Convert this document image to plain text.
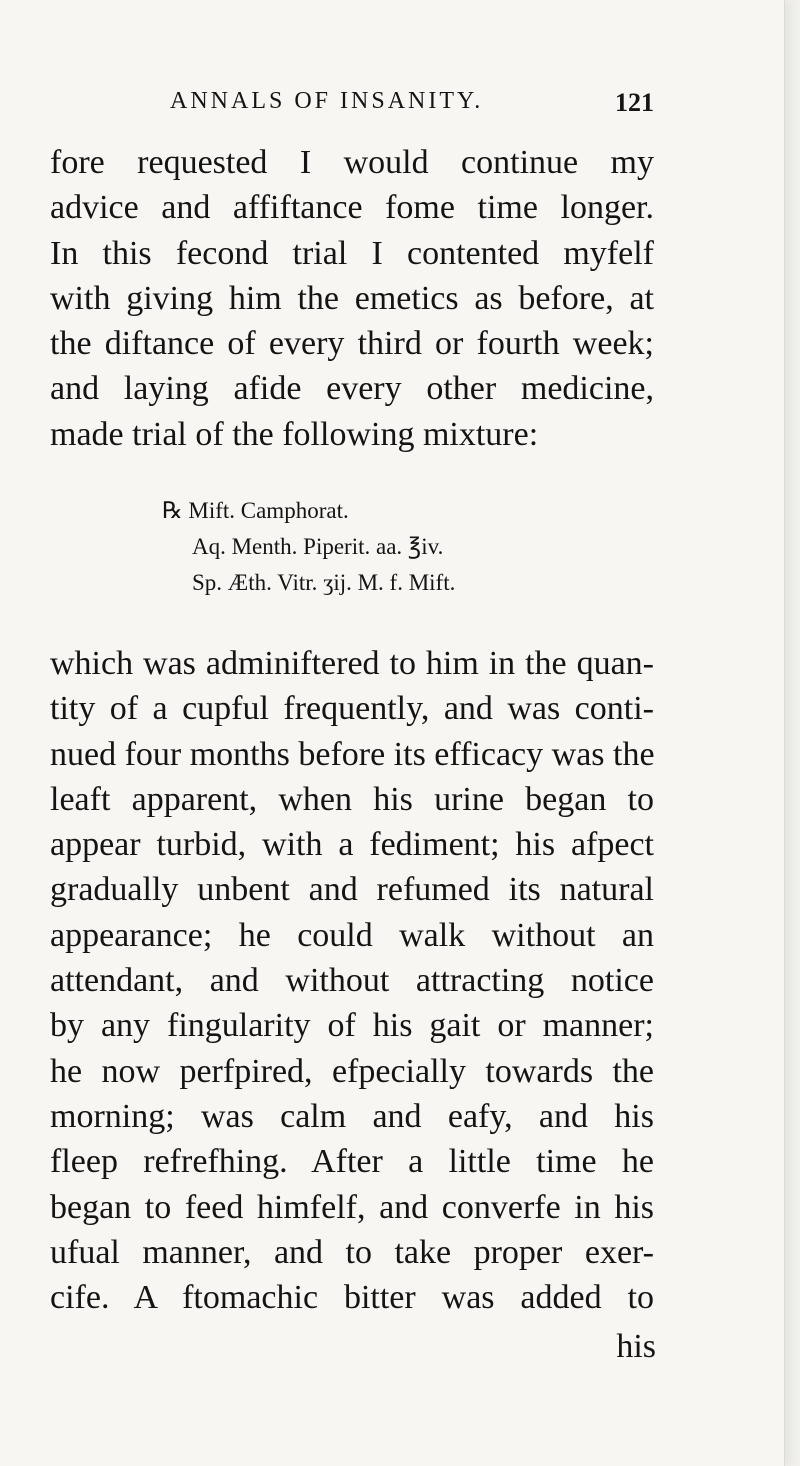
ANNALS OF INSANITY.	121
fore requested I would continue my
advice and affiftance fome time longer.
In this fecond trial I contented myfelf
with giving him the emetics as before, at
the diftance of every third or fourth week;
and laying afide every other medicine,
made trial of the following mixture:
℞ Mift. Camphorat.
Aq. Menth. Piperit. aa. ℥iv.
Sp. Æth. Vitr. ʒij. M. f. Mift.
which was adminiftered to him in the quan-
tity of a cupful frequently, and was conti-
nued four months before its efficacy was the
leaft apparent, when his urine began to
appear turbid, with a fediment; his afpect
gradually unbent and refumed its natural
appearance; he could walk without an
attendant, and without attracting notice
by any fingularity of his gait or manner;
he now perfpired, efpecially towards the
morning; was calm and eafy, and his
fleep refrefhing. After a little time he
began to feed himfelf, and converfe in his
ufual manner, and to take proper exer-
cife. A ftomachic bitter was added to
his
